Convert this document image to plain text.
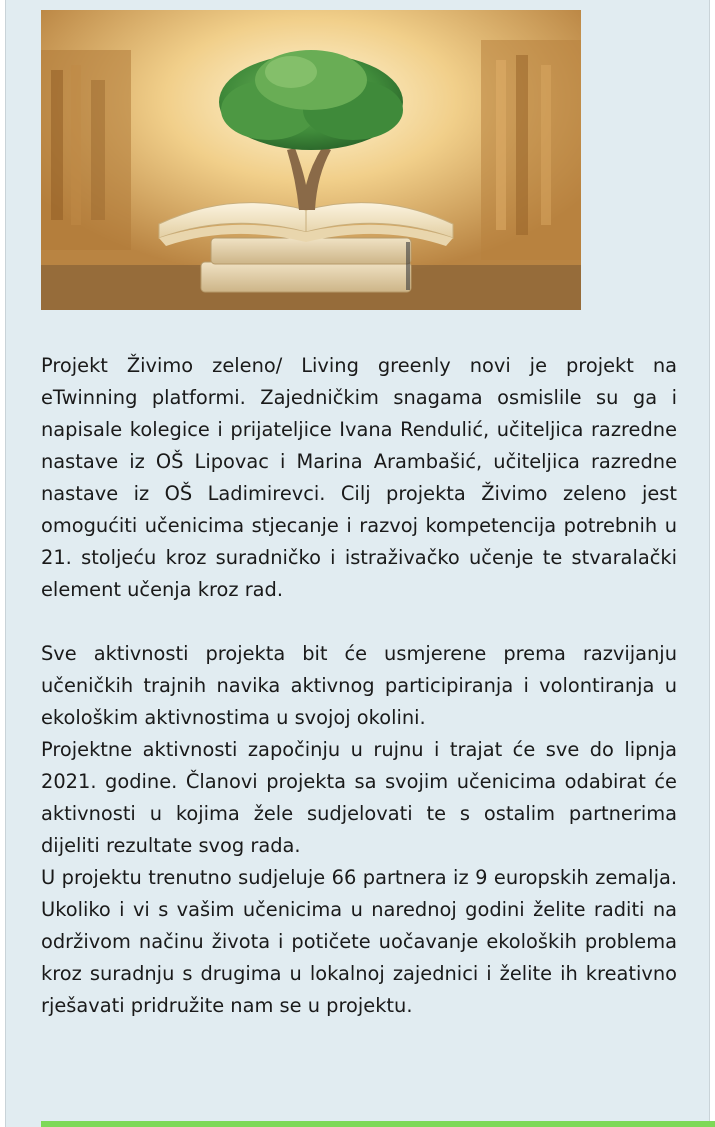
Projekt Živimo zeleno/ Living greenly novi je projekt na eTwinning platformi. Zajedničkim snagama osmislile su ga i napisale kolegice i prijateljice Ivana Rendulić, učiteljica razredne nastave iz OŠ Lipovac i Marina Arambašić, učiteljica razredne nastave iz OŠ Ladimirevci. Cilj projekta Živimo zeleno jest omogućiti učenicima stjecanje i razvoj kompetencija potrebnih u 21. stoljeću kroz suradničko i istraživačko učenje te stvaralački element učenja kroz rad.

Sve aktivnosti projekta bit će usmjerene prema razvijanju učeničkih trajnih navika aktivnog participiranja i volontiranja u ekološkim aktivnostima u svojoj okolini.

Projektne aktivnosti započinju u rujnu i trajat će sve do lipnja 2021. godine. Članovi projekta sa svojim učenicima odabirat će aktivnosti u kojima žele sudjelovati te s ostalim partnerima dijeliti rezultate svog rada.

U projektu trenutno sudjeluje 66 partnera iz 9 europskih zemalja. Ukoliko i vi s vašim učenicima u narednoj godini želite raditi na održivom načinu života i potičete uočavanje ekoloških problema kroz suradnju s drugima u lokalnoj zajednici i želite ih kreativno rješavati pridružite nam se u projektu.
